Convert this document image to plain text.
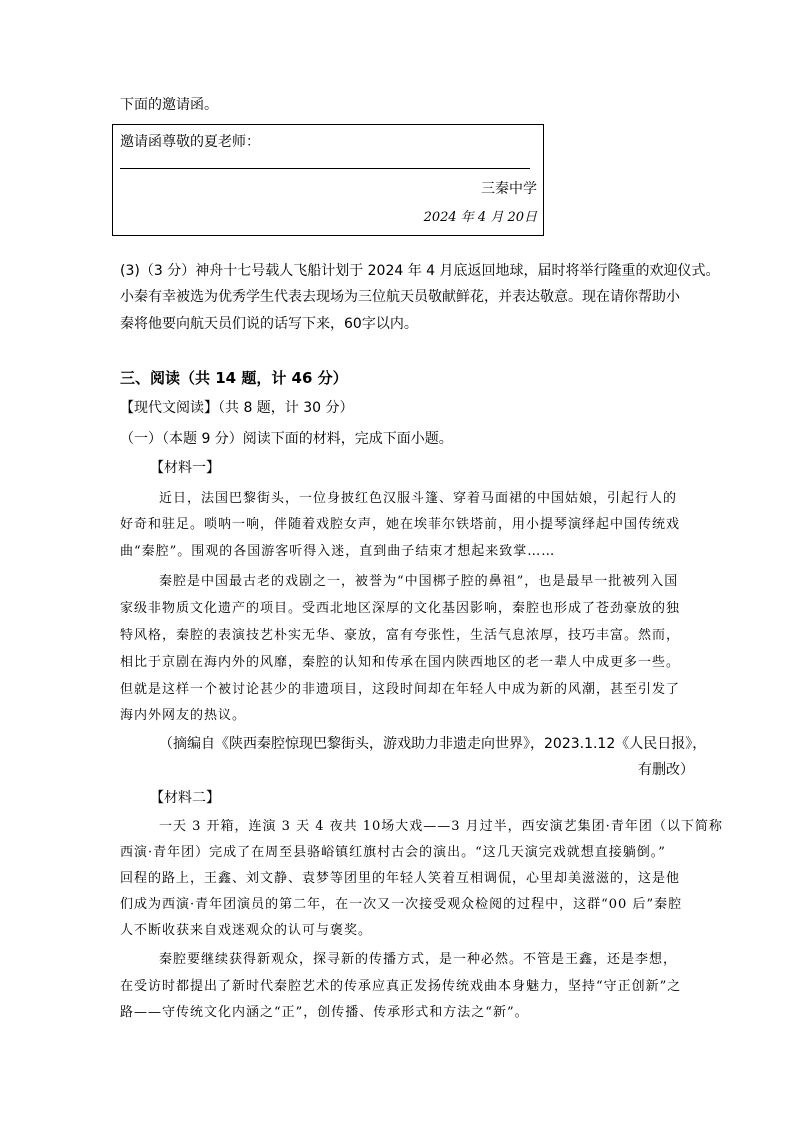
下面的邀请函。
邀请函尊敬的夏老师：
三秦中学
2024 年 4 月 20日
(3)（3 分）神舟十七号载人飞船计划于 2024 年 4 月底返回地球，届时将举行隆重的欢迎仪式。
小秦有幸被选为优秀学生代表去现场为三位航天员敬献鲜花，并表达敬意。现在请你帮助小
秦将他要向航天员们说的话写下来，60字以内。
三、阅读（共 14 题，计 46 分）
【现代文阅读】（共 8 题，计 30 分）
（一）（本题 9 分）阅读下面的材料，完成下面小题。
【材料一】
近日，法国巴黎街头，一位身披红色汉服斗篷、穿着马面裙的中国姑娘，引起行人的
好奇和驻足。唢呐一响，伴随着戏腔女声，她在埃菲尔铁塔前，用小提琴演绎起中国传统戏
曲“秦腔”。围观的各国游客听得入迷，直到曲子结束才想起来致掌……
秦腔是中国最古老的戏剧之一，被誉为“中国梆子腔的鼻祖”，也是最早一批被列入国
家级非物质文化遗产的项目。受西北地区深厚的文化基因影响，秦腔也形成了苍劲豪放的独
特风格，秦腔的表演技艺朴实无华、豪放，富有夸张性，生活气息浓厚，技巧丰富。然而，
相比于京剧在海内外的风靡，秦腔的认知和传承在国内陕西地区的老一辈人中成更多一些。
但就是这样一个被讨论甚少的非遗项目，这段时间却在年轻人中成为新的风潮，甚至引发了
海内外网友的热议。
（摘编自《陕西秦腔惊现巴黎街头，游戏助力非遗走向世界》，2023.1.12《人民日报》，
有删改）
【材料二】
一天 3 开箱，连演 3 天 4 夜共 10场大戏——3 月过半，西安演艺集团·青年团（以下简称
西演·青年团）完成了在周至县骆峪镇红旗村古会的演出。“这几天演完戏就想直接躺倒。”
回程的路上，王鑫、刘文静、袁梦等团里的年轻人笑着互相调侃，心里却美滋滋的，这是他
们成为西演·青年团演员的第二年，在一次又一次接受观众检阅的过程中，这群“00 后”秦腔
人不断收获来自戏迷观众的认可与褒奖。
秦腔要继续获得新观众，探寻新的传播方式，是一种必然。不管是王鑫，还是李想，
在受访时都提出了新时代秦腔艺术的传承应真正发扬传统戏曲本身魅力，坚持“守正创新”之
路——守传统文化内涵之“正”，创传播、传承形式和方法之“新”。
